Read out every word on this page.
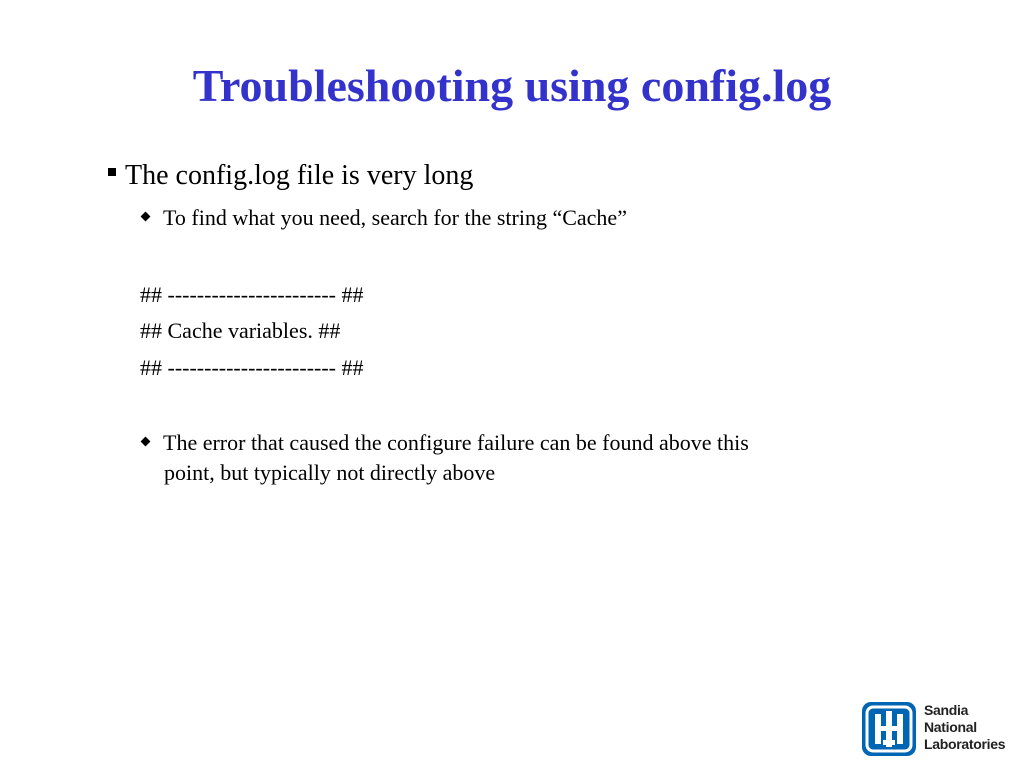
Troubleshooting using config.log
The config.log file is very long
To find what you need, search for the string “Cache”
## ----------------------- ##
## Cache variables. ##
## ----------------------- ##
The error that caused the configure failure can be found above this
point, but typically not directly above
Sandia
National
Laboratories
